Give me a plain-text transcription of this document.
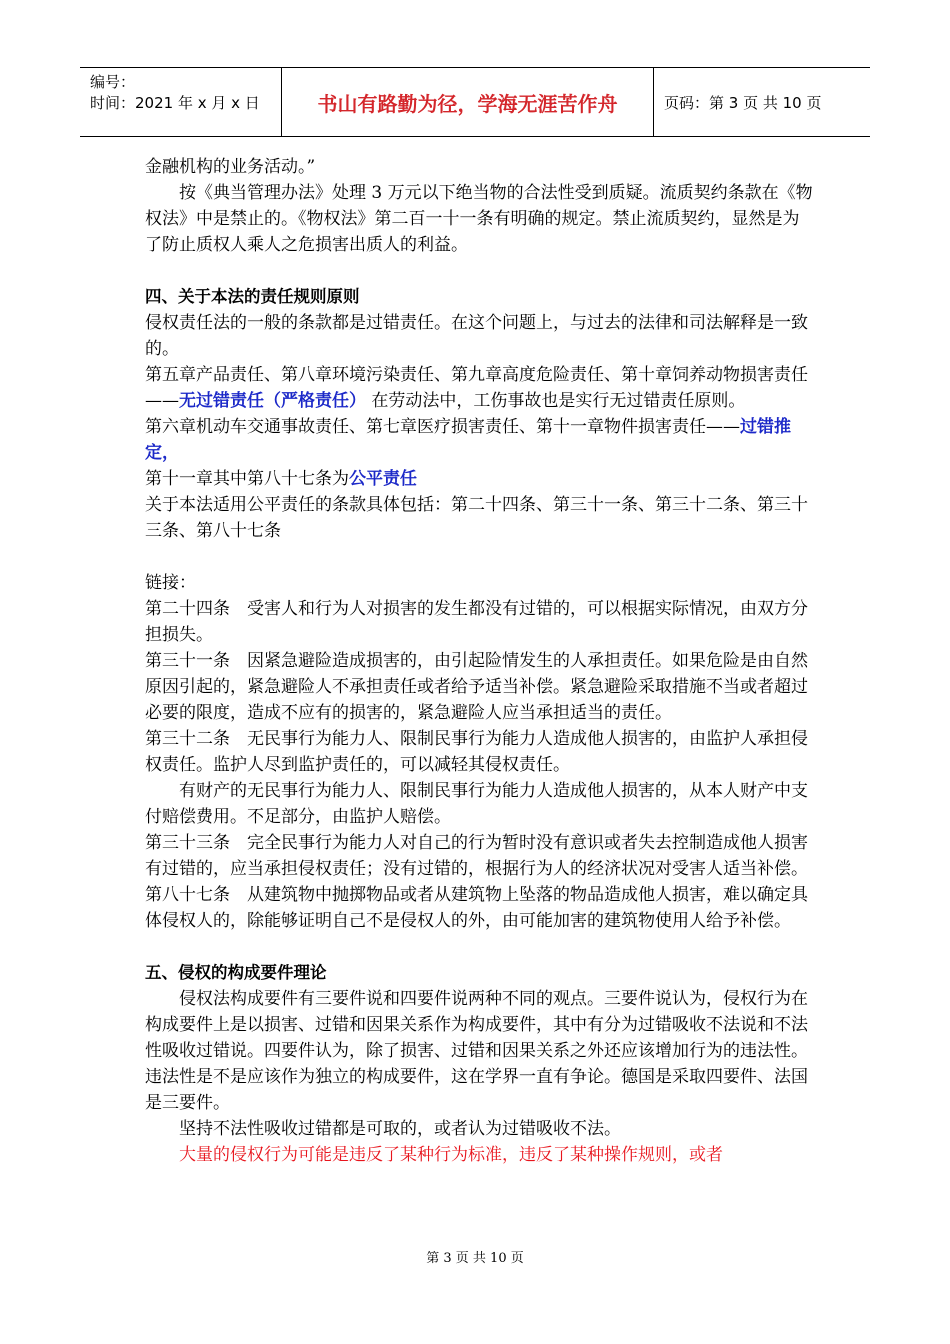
编号：
时间：2021 年 x 月 x 日	书山有路勤为径，学海无涯苦作舟	页码：第 3 页 共 10 页

金融机构的业务活动。”

按《典当管理办法》处理 3 万元以下绝当物的合法性受到质疑。流质契约条款在《物权法》中是禁止的。《物权法》第二百一十一条有明确的规定。禁止流质契约，显然是为了防止质权人乘人之危损害出质人的利益。

四、关于本法的责任规则原则

侵权责任法的一般的条款都是过错责任。在这个问题上，与过去的法律和司法解释是一致的。

第五章产品责任、第八章环境污染责任、第九章高度危险责任、第十章饲养动物损害责任——无过错责任（严格责任） 在劳动法中，工伤事故也是实行无过错责任原则。

第六章机动车交通事故责任、第七章医疗损害责任、第十一章物件损害责任——过错推定，

第十一章其中第八十七条为公平责任

关于本法适用公平责任的条款具体包括：第二十四条、第三十一条、第三十二条、第三十三条、第八十七条

链接：

第二十四条　受害人和行为人对损害的发生都没有过错的，可以根据实际情况，由双方分担损失。

第三十一条　因紧急避险造成损害的，由引起险情发生的人承担责任。如果危险是由自然原因引起的，紧急避险人不承担责任或者给予适当补偿。紧急避险采取措施不当或者超过必要的限度，造成不应有的损害的，紧急避险人应当承担适当的责任。

第三十二条　无民事行为能力人、限制民事行为能力人造成他人损害的，由监护人承担侵权责任。监护人尽到监护责任的，可以减轻其侵权责任。

有财产的无民事行为能力人、限制民事行为能力人造成他人损害的，从本人财产中支付赔偿费用。不足部分，由监护人赔偿。

第三十三条　完全民事行为能力人对自己的行为暂时没有意识或者失去控制造成他人损害有过错的，应当承担侵权责任；没有过错的，根据行为人的经济状况对受害人适当补偿。

第八十七条　从建筑物中抛掷物品或者从建筑物上坠落的物品造成他人损害，难以确定具体侵权人的，除能够证明自己不是侵权人的外，由可能加害的建筑物使用人给予补偿。

五、侵权的构成要件理论

侵权法构成要件有三要件说和四要件说两种不同的观点。三要件说认为，侵权行为在构成要件上是以损害、过错和因果关系作为构成要件，其中有分为过错吸收不法说和不法性吸收过错说。四要件认为，除了损害、过错和因果关系之外还应该增加行为的违法性。违法性是不是应该作为独立的构成要件，这在学界一直有争论。德国是采取四要件、法国是三要件。

坚持不法性吸收过错都是可取的，或者认为过错吸收不法。

大量的侵权行为可能是违反了某种行为标准，违反了某种操作规则，或者

第 3 页 共 10 页
